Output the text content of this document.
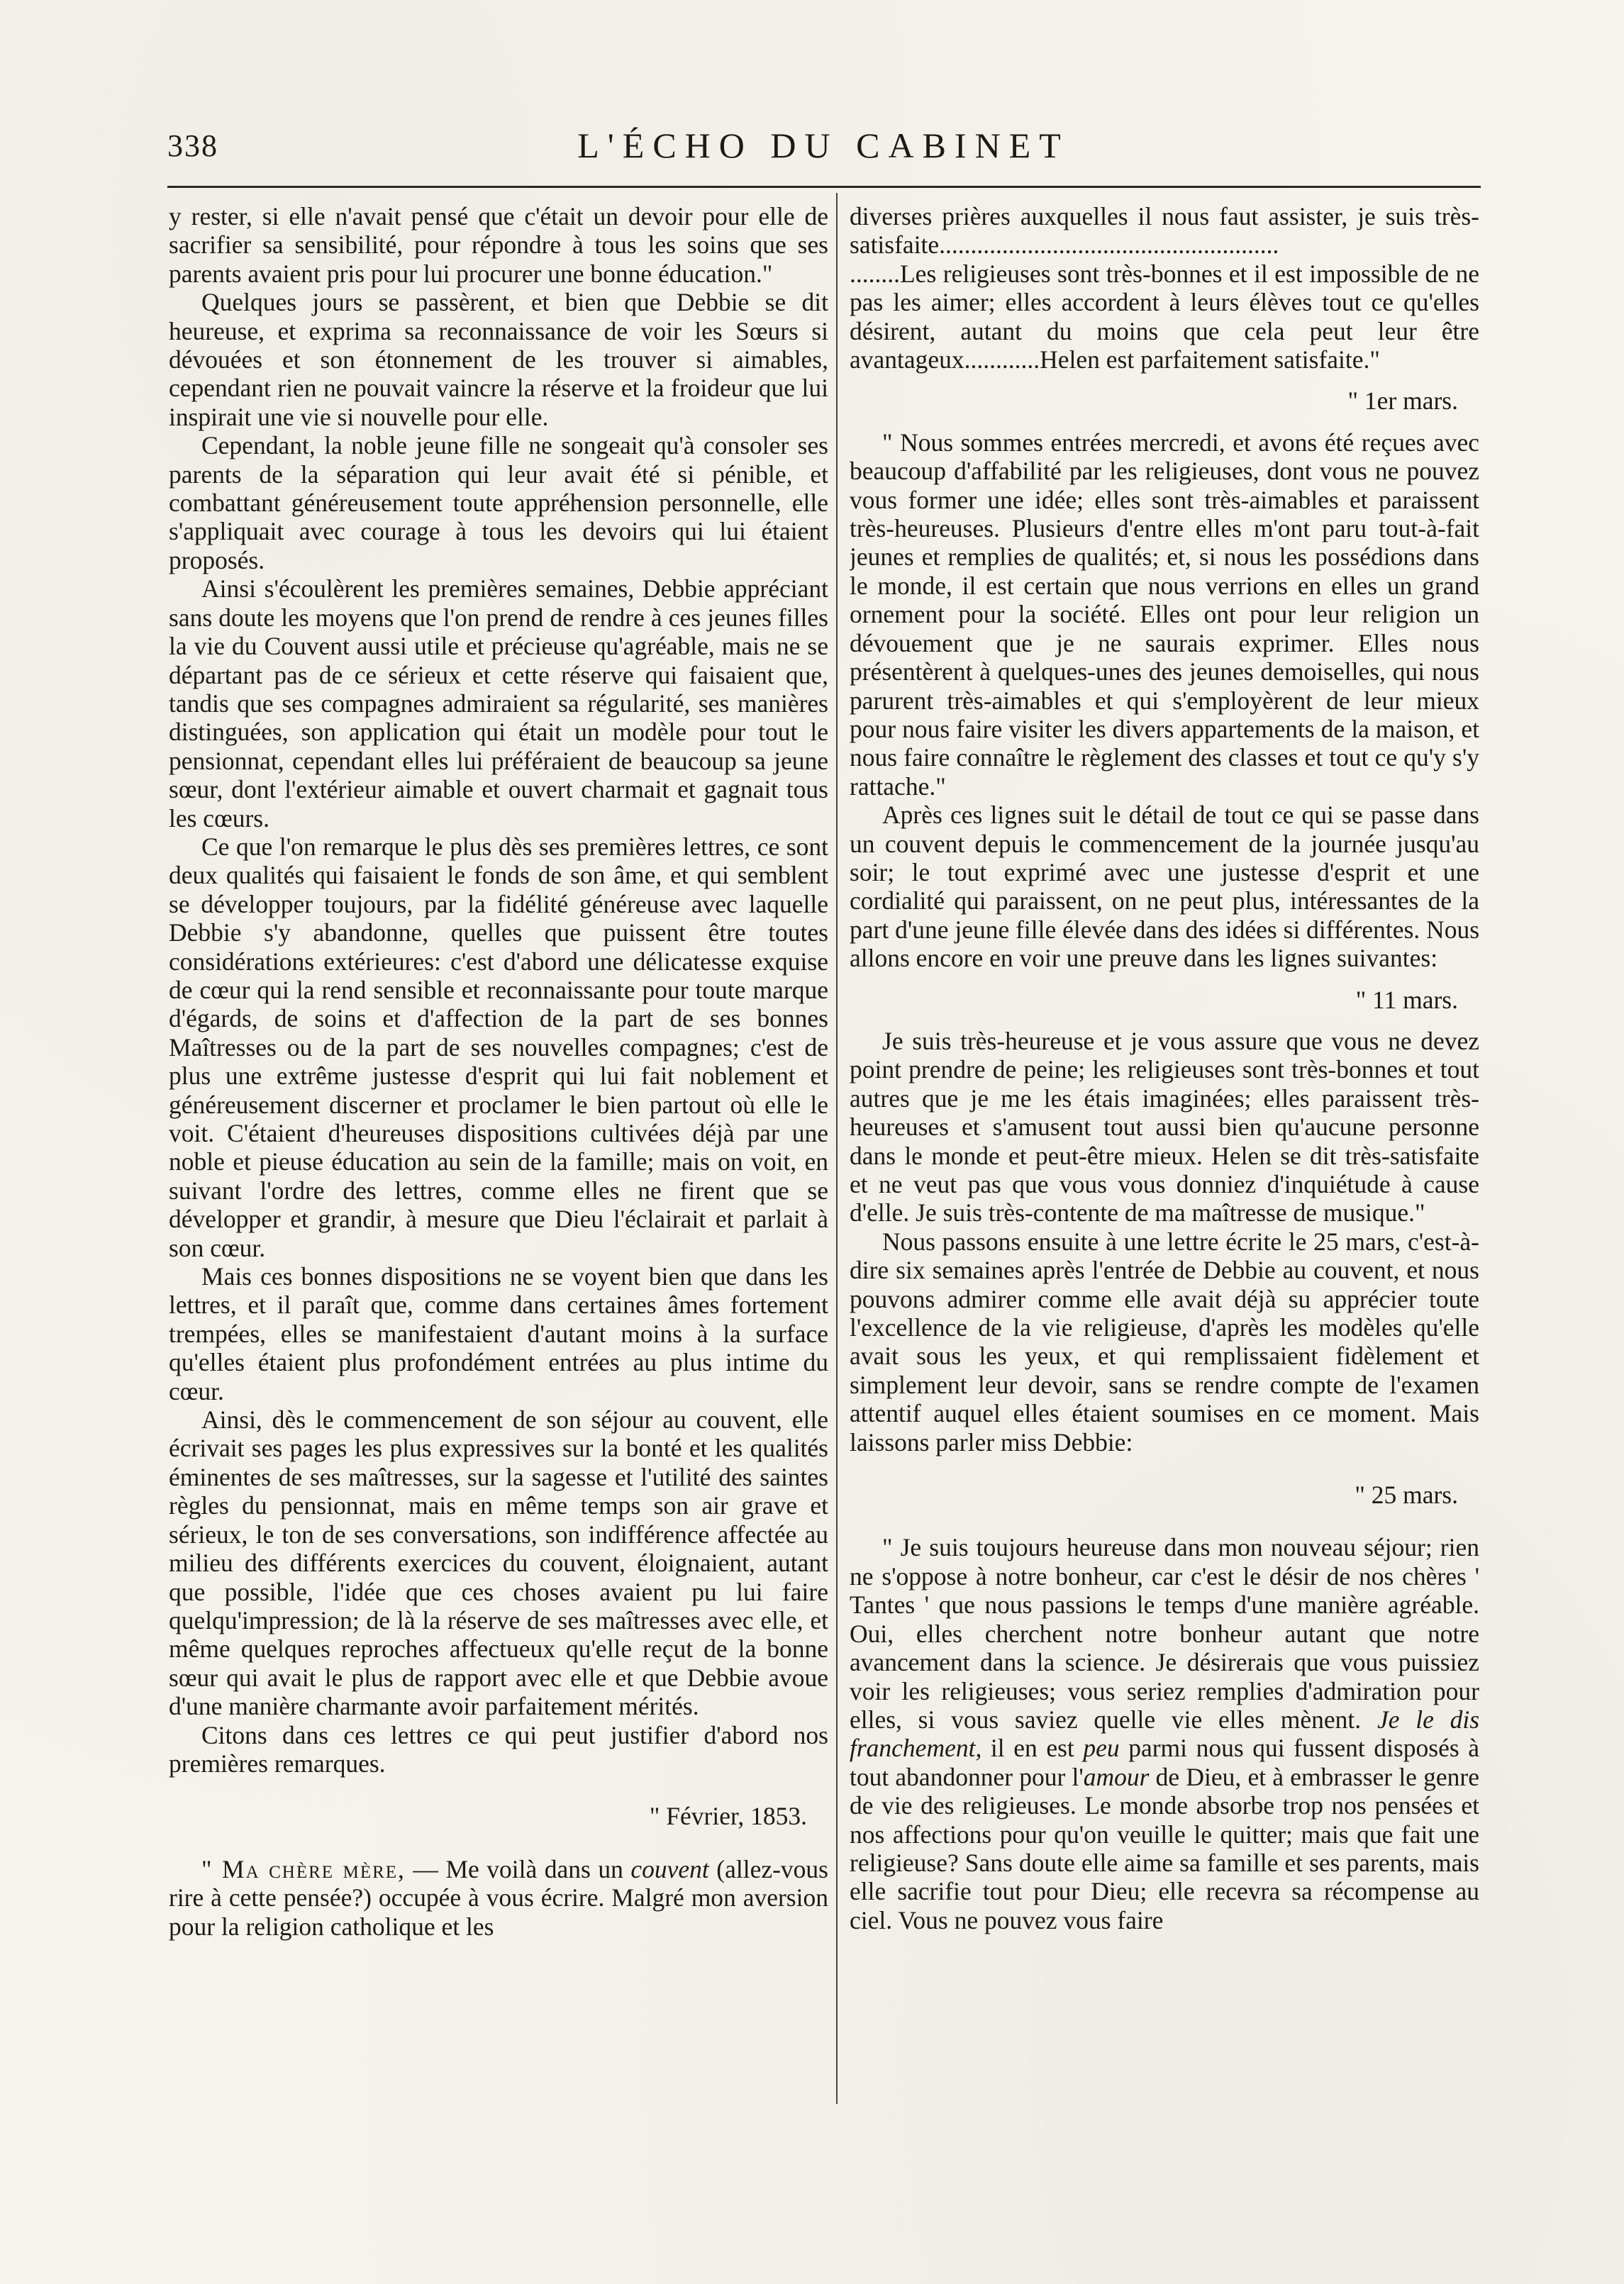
338	L'ÉCHO DU CABINET

y rester, si elle n'avait pensé que c'était un devoir pour elle de sacrifier sa sensibilité, pour répondre à tous les soins que ses parents avaient pris pour lui procurer une bonne éducation."

Quelques jours se passèrent, et bien que Debbie se dit heureuse, et exprima sa reconnaissance de voir les Sœurs si dévouées et son étonnement de les trouver si aimables, cependant rien ne pouvait vaincre la réserve et la froideur que lui inspirait une vie si nouvelle pour elle.

Cependant, la noble jeune fille ne songeait qu'à consoler ses parents de la séparation qui leur avait été si pénible, et combattant généreusement toute appréhension personnelle, elle s'appliquait avec courage à tous les devoirs qui lui étaient proposés.

Ainsi s'écoulèrent les premières semaines, Debbie appréciant sans doute les moyens que l'on prend de rendre à ces jeunes filles la vie du Couvent aussi utile et précieuse qu'agréable, mais ne se départant pas de ce sérieux et cette réserve qui faisaient que, tandis que ses compagnes admiraient sa régularité, ses manières distinguées, son application qui était un modèle pour tout le pensionnat, cependant elles lui préféraient de beaucoup sa jeune sœur, dont l'extérieur aimable et ouvert charmait et gagnait tous les cœurs.

Ce que l'on remarque le plus dès ses premières lettres, ce sont deux qualités qui faisaient le fonds de son âme, et qui semblent se développer toujours, par la fidélité généreuse avec laquelle Debbie s'y abandonne, quelles que puissent être toutes considérations extérieures: c'est d'abord une délicatesse exquise de cœur qui la rend sensible et reconnaissante pour toute marque d'égards, de soins et d'affection de la part de ses bonnes Maîtresses ou de la part de ses nouvelles compagnes; c'est de plus une extrême justesse d'esprit qui lui fait noblement et généreusement discerner et proclamer le bien partout où elle le voit. C'étaient d'heureuses dispositions cultivées déjà par une noble et pieuse éducation au sein de la famille; mais on voit, en suivant l'ordre des lettres, comme elles ne firent que se développer et grandir, à mesure que Dieu l'éclairait et parlait à son cœur.

Mais ces bonnes dispositions ne se voyent bien que dans les lettres, et il paraît que, comme dans certaines âmes fortement trempées, elles se manifestaient d'autant moins à la surface qu'elles étaient plus profondément entrées au plus intime du cœur.

Ainsi, dès le commencement de son séjour au couvent, elle écrivait ses pages les plus expressives sur la bonté et les qualités éminentes de ses maîtresses, sur la sagesse et l'utilité des saintes règles du pensionnat, mais en même temps son air grave et sérieux, le ton de ses conversations, son indifférence affectée au milieu des différents exercices du couvent, éloignaient, autant que possible, l'idée que ces choses avaient pu lui faire quelqu'impression; de là la réserve de ses maîtresses avec elle, et même quelques reproches affectueux qu'elle reçut de la bonne sœur qui avait le plus de rapport avec elle et que Debbie avoue d'une manière charmante avoir parfaitement mérités.

Citons dans ces lettres ce qui peut justifier d'abord nos premières remarques.

" Février, 1853.

" Ma chère mère, — Me voilà dans un couvent (allez-vous rire à cette pensée?) occupée à vous écrire. Malgré mon aversion pour la religion catholique et les

diverses prières auxquelles il nous faut assister, je suis très-satisfaite......................................................

........Les religieuses sont très-bonnes et il est impossible de ne pas les aimer; elles accordent à leurs élèves tout ce qu'elles désirent, autant du moins que cela peut leur être avantageux............Helen est parfaitement satisfaite."

" 1er mars.

" Nous sommes entrées mercredi, et avons été reçues avec beaucoup d'affabilité par les religieuses, dont vous ne pouvez vous former une idée; elles sont très-aimables et paraissent très-heureuses. Plusieurs d'entre elles m'ont paru tout-à-fait jeunes et remplies de qualités; et, si nous les possédions dans le monde, il est certain que nous verrions en elles un grand ornement pour la société. Elles ont pour leur religion un dévouement que je ne saurais exprimer. Elles nous présentèrent à quelques-unes des jeunes demoiselles, qui nous parurent très-aimables et qui s'employèrent de leur mieux pour nous faire visiter les divers appartements de la maison, et nous faire connaître le règlement des classes et tout ce qu'y s'y rattache."

Après ces lignes suit le détail de tout ce qui se passe dans un couvent depuis le commencement de la journée jusqu'au soir; le tout exprimé avec une justesse d'esprit et une cordialité qui paraissent, on ne peut plus, intéressantes de la part d'une jeune fille élevée dans des idées si différentes. Nous allons encore en voir une preuve dans les lignes suivantes:

" 11 mars.

Je suis très-heureuse et je vous assure que vous ne devez point prendre de peine; les religieuses sont très-bonnes et tout autres que je me les étais imaginées; elles paraissent très-heureuses et s'amusent tout aussi bien qu'aucune personne dans le monde et peut-être mieux. Helen se dit très-satisfaite et ne veut pas que vous vous donniez d'inquiétude à cause d'elle. Je suis très-contente de ma maîtresse de musique."

Nous passons ensuite à une lettre écrite le 25 mars, c'est-à-dire six semaines après l'entrée de Debbie au couvent, et nous pouvons admirer comme elle avait déjà su apprécier toute l'excellence de la vie religieuse, d'après les modèles qu'elle avait sous les yeux, et qui remplissaient fidèlement et simplement leur devoir, sans se rendre compte de l'examen attentif auquel elles étaient soumises en ce moment. Mais laissons parler miss Debbie:

" 25 mars.

" Je suis toujours heureuse dans mon nouveau séjour; rien ne s'oppose à notre bonheur, car c'est le désir de nos chères ' Tantes ' que nous passions le temps d'une manière agréable. Oui, elles cherchent notre bonheur autant que notre avancement dans la science. Je désirerais que vous puissiez voir les religieuses; vous seriez remplies d'admiration pour elles, si vous saviez quelle vie elles mènent. Je le dis franchement, il en est peu parmi nous qui fussent disposés à tout abandonner pour l'amour de Dieu, et à embrasser le genre de vie des religieuses. Le monde absorbe trop nos pensées et nos affections pour qu'on veuille le quitter; mais que fait une religieuse? Sans doute elle aime sa famille et ses parents, mais elle sacrifie tout pour Dieu; elle recevra sa récompense au ciel. Vous ne pouvez vous faire
